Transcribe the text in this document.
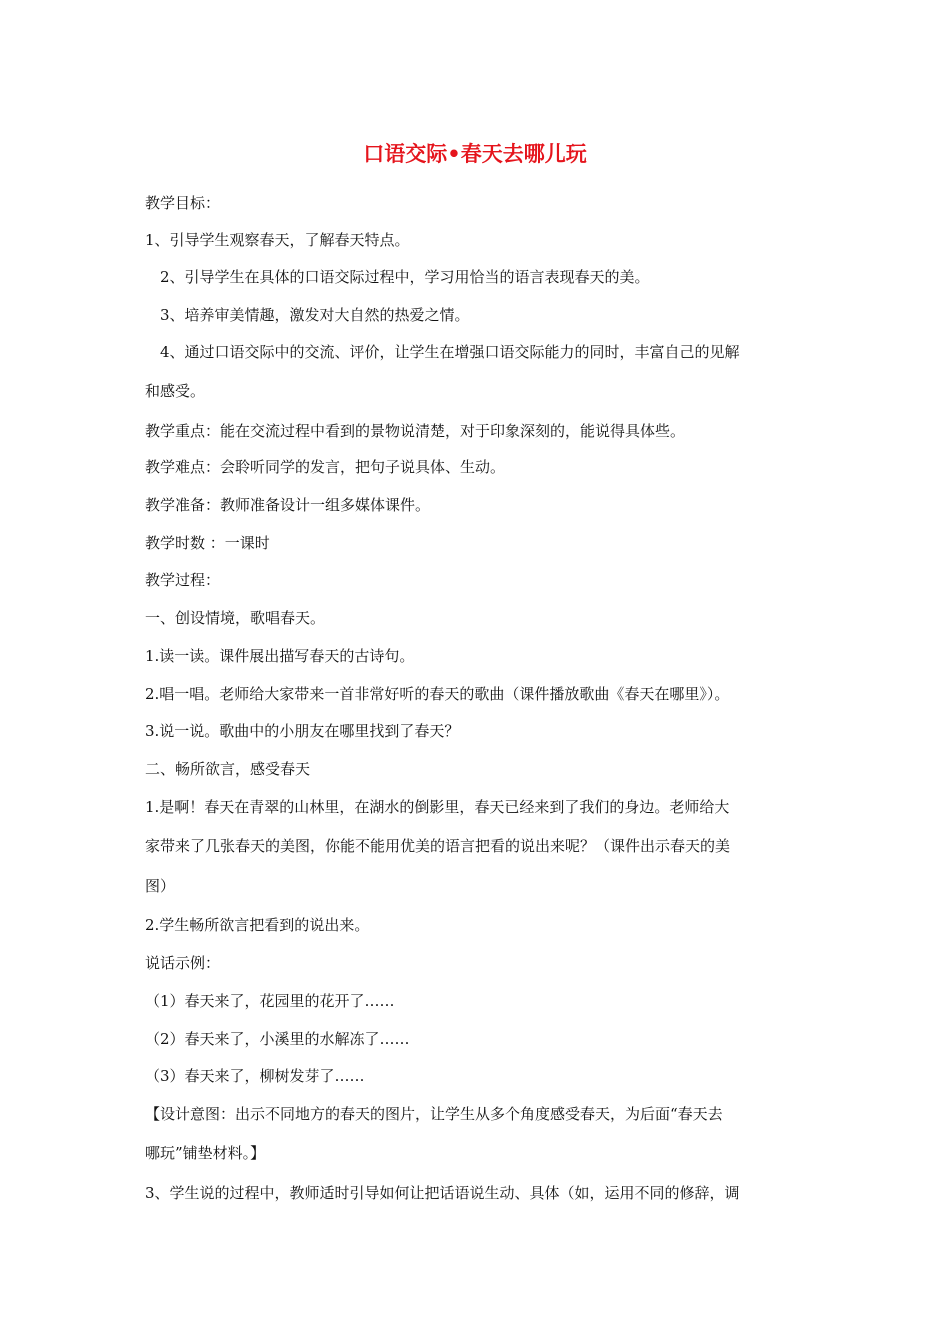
口语交际•春天去哪儿玩
教学目标：
1、引导学生观察春天，了解春天特点。
2、引导学生在具体的口语交际过程中，学习用恰当的语言表现春天的美。
3、培养审美情趣，激发对大自然的热爱之情。
4、通过口语交际中的交流、评价，让学生在增强口语交际能力的同时，丰富自己的见解
和感受。
教学重点：能在交流过程中看到的景物说清楚，对于印象深刻的，能说得具体些。
教学难点：会聆听同学的发言，把句子说具体、生动。
教学准备：教师准备设计一组多媒体课件。
教学时数 ：一课时
教学过程：
一、创设情境，歌唱春天。
1.读一读。课件展出描写春天的古诗句。
2.唱一唱。老师给大家带来一首非常好听的春天的歌曲（课件播放歌曲《春天在哪里》）。
3.说一说。歌曲中的小朋友在哪里找到了春天？
二、畅所欲言，感受春天
1.是啊！春天在青翠的山林里，在湖水的倒影里，春天已经来到了我们的身边。老师给大
家带来了几张春天的美图，你能不能用优美的语言把看的说出来呢？（课件出示春天的美
图）
2.学生畅所欲言把看到的说出来。
说话示例：
（1）春天来了，花园里的花开了……
（2）春天来了，小溪里的水解冻了……
（3）春天来了，柳树发芽了……
【设计意图：出示不同地方的春天的图片，让学生从多个角度感受春天，为后面“春天去
哪玩”铺垫材料。】
3、学生说的过程中，教师适时引导如何让把话语说生动、具体（如，运用不同的修辞，调
